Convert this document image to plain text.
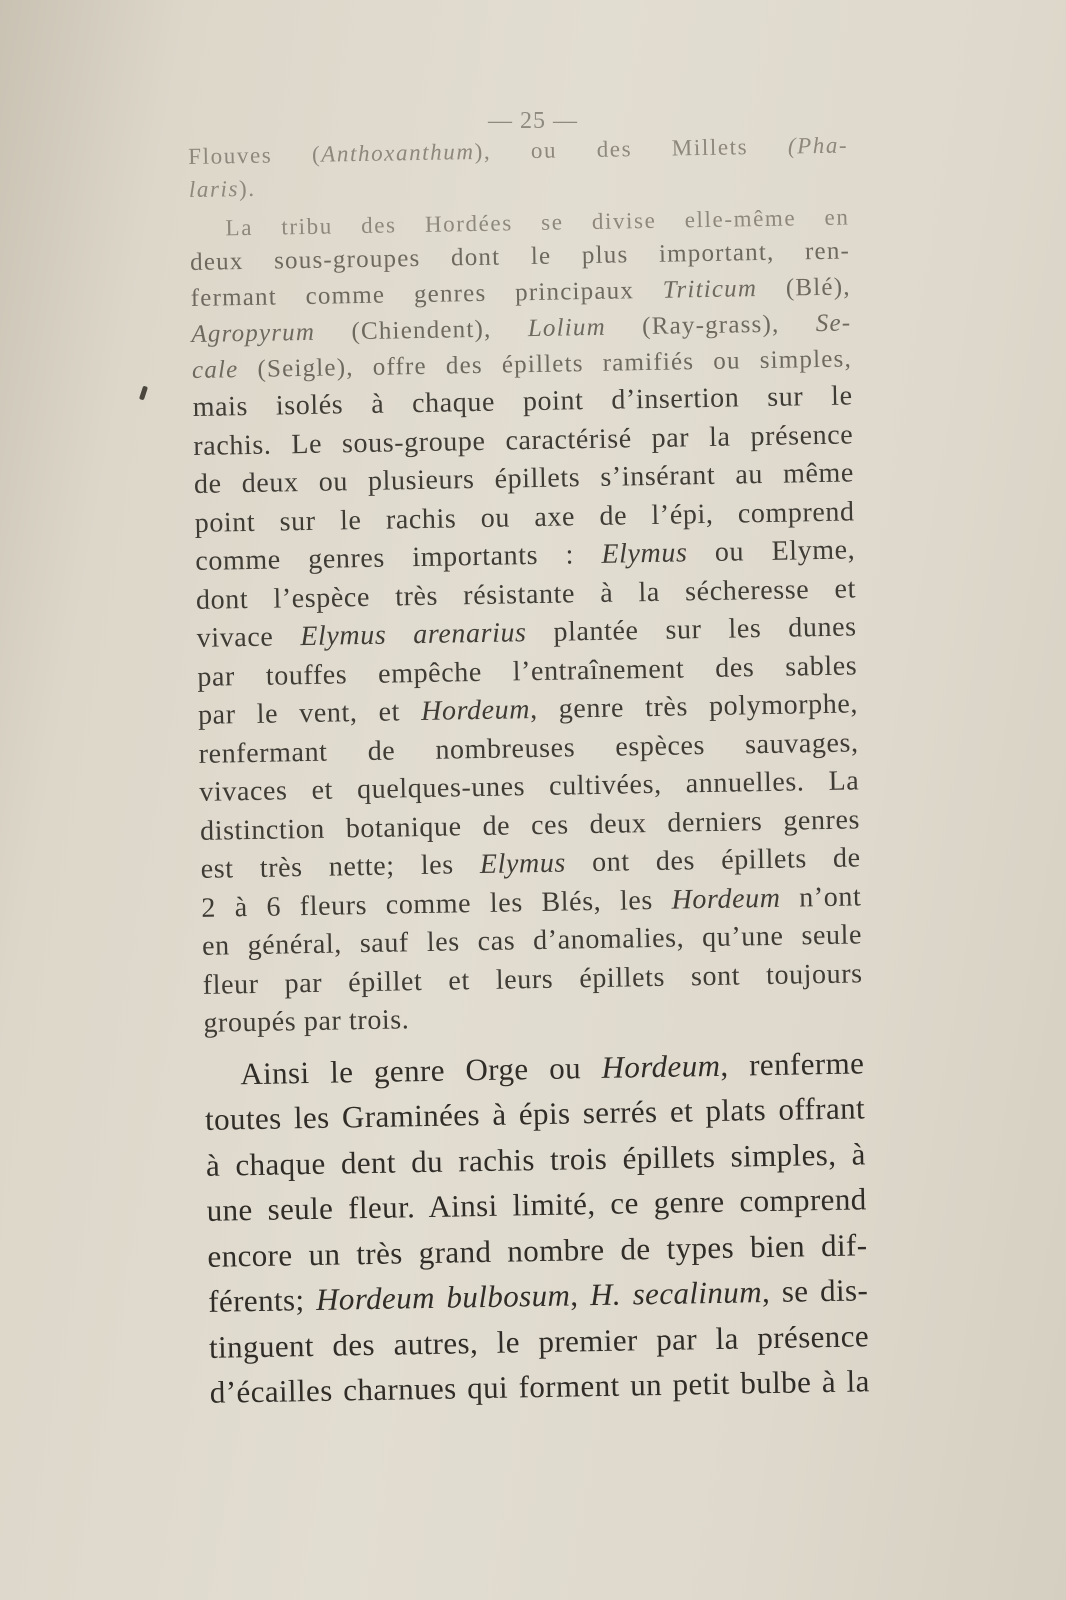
— 25 —
Flouves (Anthoxanthum), ou des Millets (Pha-
laris).
La tribu des Hordées se divise elle-même en
deux sous-groupes dont le plus important, ren-
fermant comme genres principaux Triticum (Blé),
Agropyrum (Chiendent), Lolium (Ray-grass), Se-
cale (Seigle), offre des épillets ramifiés ou simples,
mais isolés à chaque point d’insertion sur le
rachis. Le sous-groupe caractérisé par la présence
de deux ou plusieurs épillets s’insérant au même
point sur le rachis ou axe de l’épi, comprend
comme genres importants : Elymus ou Elyme,
dont l’espèce très résistante à la sécheresse et
vivace Elymus arenarius plantée sur les dunes
par touffes empêche l’entraînement des sables
par le vent, et Hordeum, genre très polymorphe,
renfermant de nombreuses espèces sauvages,
vivaces et quelques-unes cultivées, annuelles. La
distinction botanique de ces deux derniers genres
est très nette; les Elymus ont des épillets de
2 à 6 fleurs comme les Blés, les Hordeum n’ont
en général, sauf les cas d’anomalies, qu’une seule
fleur par épillet et leurs épillets sont toujours
groupés par trois.
Ainsi le genre Orge ou Hordeum, renferme
toutes les Graminées à épis serrés et plats offrant
à chaque dent du rachis trois épillets simples, à
une seule fleur. Ainsi limité, ce genre comprend
encore un très grand nombre de types bien dif-
férents; Hordeum bulbosum, H. secalinum, se dis-
tinguent des autres, le premier par la présence
d’écailles charnues qui forment un petit bulbe à la
